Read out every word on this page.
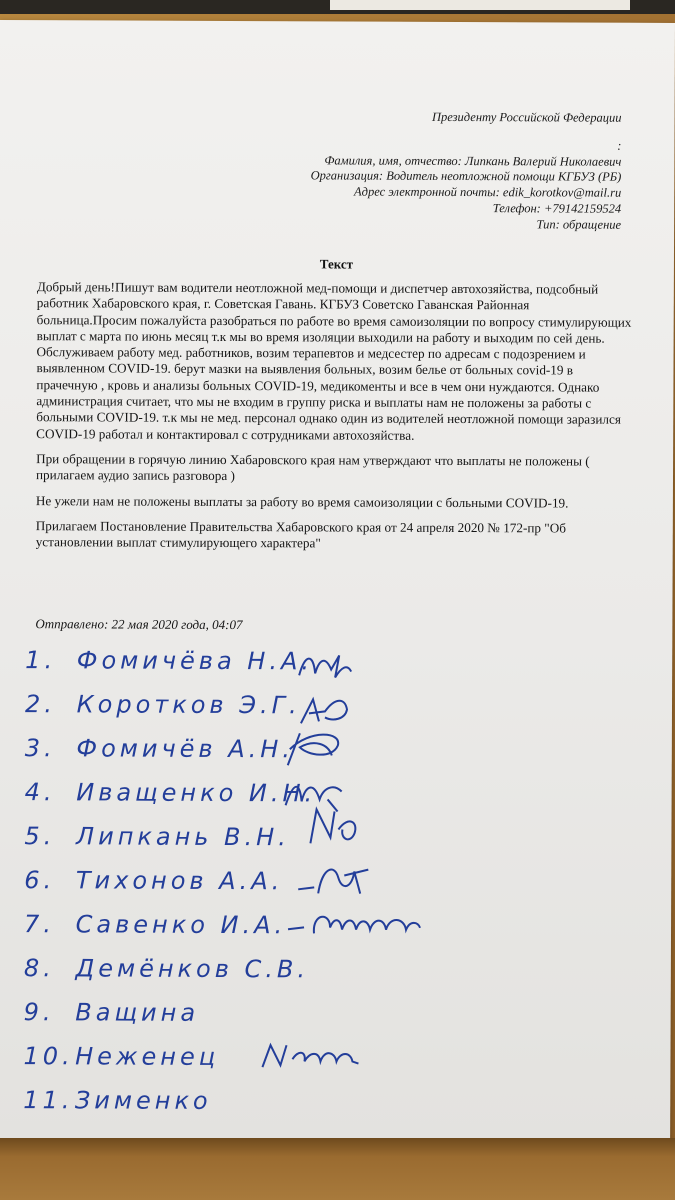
Президенту Российской Федерации
:
Фамилия, имя, отчество: Липкань Валерий Николаевич
Организация: Водитель неотложной помощи КГБУЗ (РБ)
Адрес электронной почты: edik_korotkov@mail.ru
Телефон: +79142159524
Тип: обращение
Текст

Добрый день!Пишут вам водители неотложной мед-помощи и диспетчер автохозяйства, подсобный работник Хабаровского края, г. Советская Гавань. КГБУЗ Советско Гаванская Районная больница.Просим пожалуйста разобраться по работе во время самоизоляции по вопросу стимулирующих выплат с марта по июнь месяц т.к мы во время изоляции выходили на работу и выходим по сей день. Обслуживаем работу мед. работников, возим терапевтов и медсестер по адресам с подозрением и выявленном COVID-19. берут мазки на выявления больных, возим белье от больных covid-19 в прачечную , кровь и анализы больных COVID-19, медикоменты и все в чем они нуждаются. Однако администрация считает, что мы не входим в группу риска и выплаты нам не положены за работы с больными COVID-19. т.к мы не мед. персонал однако один из водителей неотложной помощи заразился COVID-19 работал и контактировал с сотрудниками автохозяйства.

При обращении в горячую линию Хабаровского края нам утверждают что выплаты не положены ( прилагаем аудио запись разговора )

Не ужели нам не положены выплаты за работу во время самоизоляции с больными COVID-19.

Прилагаем Постановление Правительства Хабаровского края от 24 апреля 2020 № 172-пр "Об установлении выплат стимулирующего характера"

Отправлено: 22 мая 2020 года, 04:07
1. Фомичёва Н.А.
2. Коротков Э.Г.
3. Фомичёв А.Н.
4. Иващенко И.Н.
5. Липкань В.Н.
6. Тихонов А.А.
7. Савенко И.А.
8. Демёнков С.В.
9. Ващина
10. Неженец
11. Зименко
